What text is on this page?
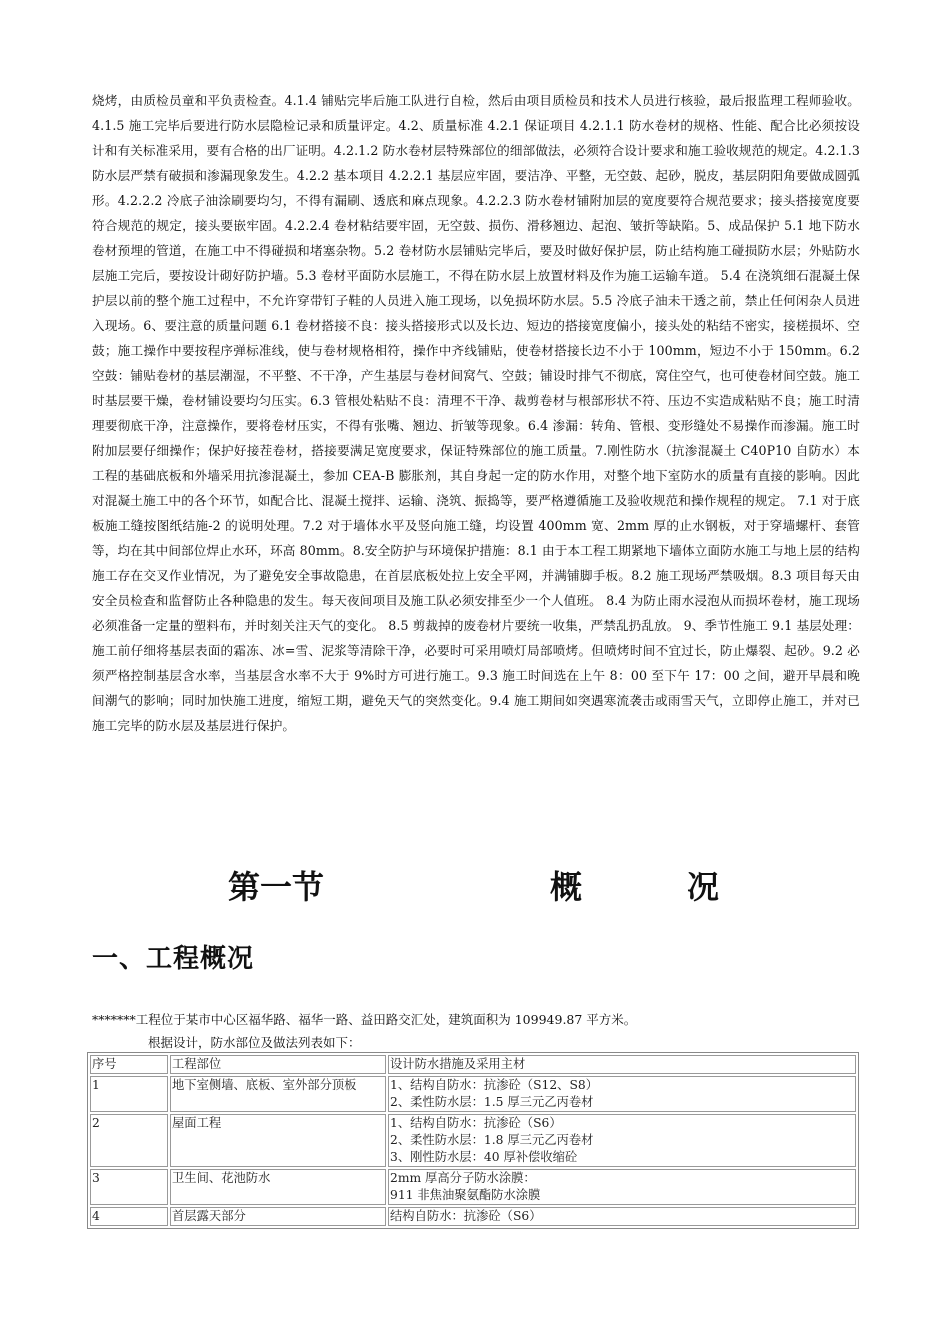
烧烤，由质检员童和平负责检查。4.1.4 铺贴完毕后施工队进行自检，然后由项目质检员和技术人员进行核验，最后报监理工程师验收。4.1.5 施工完毕后要进行防水层隐检记录和质量评定。4.2、质量标准 4.2.1 保证项目 4.2.1.1 防水卷材的规格、性能、配合比必须按设计和有关标准采用，要有合格的出厂证明。4.2.1.2 防水卷材层特殊部位的细部做法，必须符合设计要求和施工验收规范的规定。4.2.1.3 防水层严禁有破损和渗漏现象发生。4.2.2 基本项目 4.2.2.1 基层应牢固，要洁净、平整，无空鼓、起砂，脱皮，基层阴阳角要做成圆弧形。4.2.2.2 冷底子油涂刷要均匀，不得有漏刷、透底和麻点现象。4.2.2.3 防水卷材铺附加层的宽度要符合规范要求；接头搭接宽度要符合规范的规定，接头要嵌牢固。4.2.2.4 卷材粘结要牢固，无空鼓、损伤、滑移翘边、起泡、皱折等缺陷。5、成品保护 5.1 地下防水卷材预埋的管道，在施工中不得碰损和堵塞杂物。5.2 卷材防水层铺贴完毕后，要及时做好保护层，防止结构施工碰损防水层；外贴防水层施工完后，要按设计砌好防护墙。5.3 卷材平面防水层施工，不得在防水层上放置材料及作为施工运输车道。 5.4 在浇筑细石混凝土保护层以前的整个施工过程中，不允许穿带钉子鞋的人员进入施工现场，以免损坏防水层。5.5 冷底子油未干透之前，禁止任何闲杂人员进入现场。6、要注意的质量问题 6.1 卷材搭接不良：接头搭接形式以及长边、短边的搭接宽度偏小，接头处的粘结不密实，接槎损坏、空鼓；施工操作中要按程序弹标准线，使与卷材规格相符，操作中齐线铺贴，使卷材搭接长边不小于 100mm，短边不小于 150mm。6.2 空鼓：铺贴卷材的基层潮湿，不平整、不干净，产生基层与卷材间窝气、空鼓；铺设时排气不彻底，窝住空气，也可使卷材间空鼓。施工时基层要干燥，卷材铺设要均匀压实。6.3 管根处粘贴不良：清理不干净、裁剪卷材与根部形状不符、压边不实造成粘贴不良；施工时清理要彻底干净，注意操作，要将卷材压实，不得有张嘴、翘边、折皱等现象。6.4 渗漏：转角、管根、变形缝处不易操作而渗漏。施工时附加层要仔细操作；保护好接茬卷材，搭接要满足宽度要求，保证特殊部位的施工质量。7.刚性防水（抗渗混凝土 C40P10 自防水）本工程的基础底板和外墙采用抗渗混凝土，参加 CEA-B 膨胀剂，其自身起一定的防水作用，对整个地下室防水的质量有直接的影响。因此对混凝土施工中的各个环节，如配合比、混凝土搅拌、运输、浇筑、振捣等，要严格遵循施工及验收规范和操作规程的规定。 7.1 对于底板施工缝按图纸结施-2 的说明处理。7.2 对于墙体水平及竖向施工缝，均设置 400mm 宽、2mm 厚的止水钢板，对于穿墙螺杆、套管等，均在其中间部位焊止水环，环高 80mm。8.安全防护与环境保护措施：8.1 由于本工程工期紧地下墙体立面防水施工与地上层的结构施工存在交叉作业情况，为了避免安全事故隐患，在首层底板处拉上安全平网，并满铺脚手板。8.2 施工现场严禁吸烟。8.3 项目每天由安全员检查和监督防止各种隐患的发生。每天夜间项目及施工队必须安排至少一个人值班。 8.4 为防止雨水浸泡从而损坏卷材，施工现场必须准备一定量的塑料布，并时刻关注天气的变化。 8.5 剪裁掉的废卷材片要统一收集，严禁乱扔乱放。 9、季节性施工 9.1 基层处理：施工前仔细将基层表面的霜冻、冰=雪、泥浆等清除干净，必要时可采用喷灯局部喷烤。但喷烤时间不宜过长，防止爆裂、起砂。9.2 必须严格控制基层含水率，当基层含水率不大于 9%时方可进行施工。9.3 施工时间选在上午 8：00 至下午 17：00 之间，避开早晨和晚间潮气的影响；同时加快施工进度，缩短工期，避免天气的突然变化。9.4 施工期间如突遇寒流袭击或雨雪天气，立即停止施工，并对已施工完毕的防水层及基层进行保护。
第一节	概	况
一、工程概况
*******工程位于某市中心区福华路、福华一路、益田路交汇处，建筑面积为 109949.87 平方米。
根据设计，防水部位及做法列表如下：
序号	工程部位	设计防水措施及采用主材
1	地下室侧墙、底板、室外部分顶板	1、结构自防水：抗渗砼（S12、S8）
2、柔性防水层：1.5 厚三元乙丙卷材

2	屋面工程	1、结构自防水：抗渗砼（S6）
2、柔性防水层：1.8 厚三元乙丙卷材
3、刚性防水层：40 厚补偿收缩砼

3	卫生间、花池防水	2mm 厚高分子防水涂膜：
911 非焦油聚氨酯防水涂膜

4	首层露天部分	结构自防水：抗渗砼（S6）
